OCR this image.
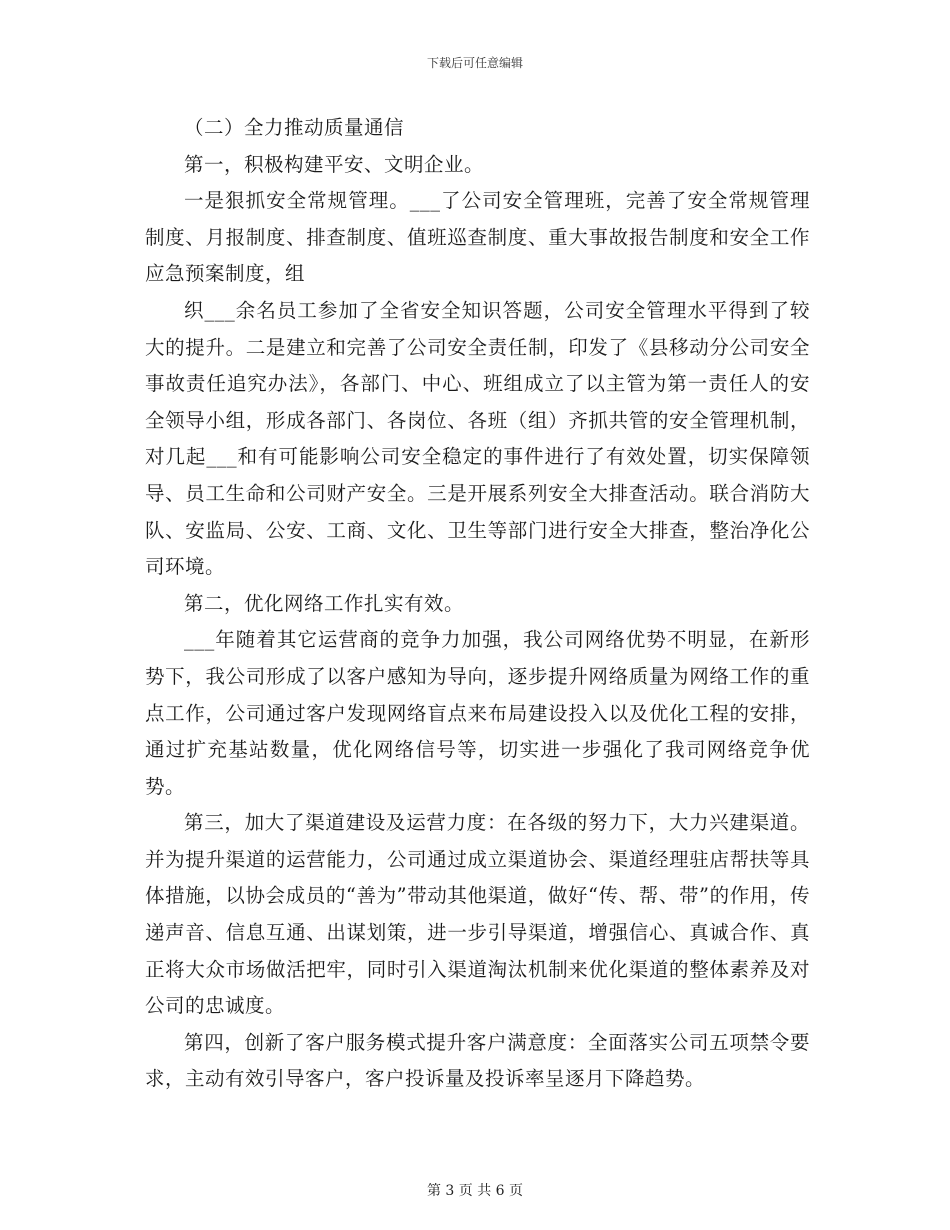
下载后可任意编辑

（二）全力推动质量通信

第一，积极构建平安、文明企业。

一是狠抓安全常规管理。___了公司安全管理班，完善了安全常规管理制度、月报制度、排查制度、值班巡查制度、重大事故报告制度和安全工作应急预案制度，组

织___余名员工参加了全省安全知识答题，公司安全管理水平得到了较大的提升。二是建立和完善了公司安全责任制，印发了《县移动分公司安全事故责任追究办法》，各部门、中心、班组成立了以主管为第一责任人的安全领导小组，形成各部门、各岗位、各班（组）齐抓共管的安全管理机制，对几起___和有可能影响公司安全稳定的事件进行了有效处置，切实保障领导、员工生命和公司财产安全。三是开展系列安全大排查活动。联合消防大队、安监局、公安、工商、文化、卫生等部门进行安全大排查，整治净化公司环境。

第二，优化网络工作扎实有效。

___年随着其它运营商的竞争力加强，我公司网络优势不明显，在新形势下，我公司形成了以客户感知为导向，逐步提升网络质量为网络工作的重点工作，公司通过客户发现网络盲点来布局建设投入以及优化工程的安排，通过扩充基站数量，优化网络信号等，切实进一步强化了我司网络竞争优势。

第三，加大了渠道建设及运营力度：在各级的努力下，大力兴建渠道。并为提升渠道的运营能力，公司通过成立渠道协会、渠道经理驻店帮扶等具体措施，以协会成员的“善为”带动其他渠道，做好“传、帮、带”的作用，传递声音、信息互通、出谋划策，进一步引导渠道，增强信心、真诚合作、真正将大众市场做活把牢，同时引入渠道淘汰机制来优化渠道的整体素养及对公司的忠诚度。

第四，创新了客户服务模式提升客户满意度：全面落实公司五项禁令要求，主动有效引导客户，客户投诉量及投诉率呈逐月下降趋势。

第 3 页 共 6 页
